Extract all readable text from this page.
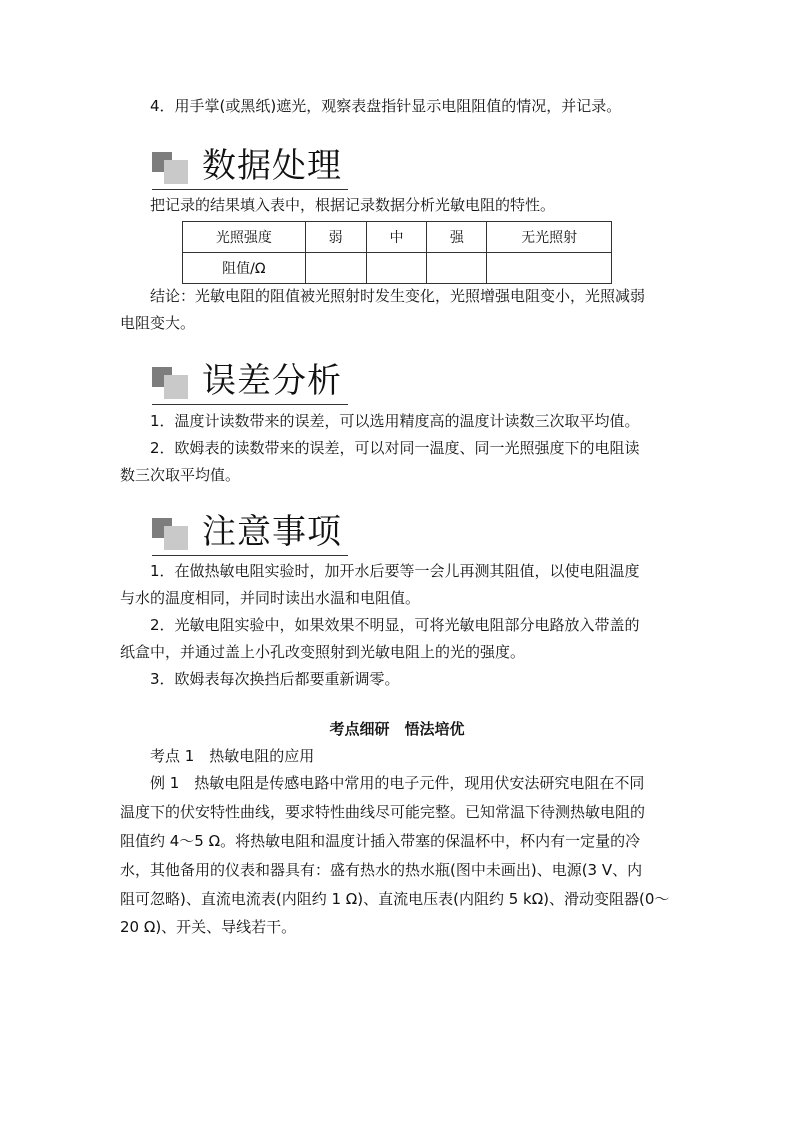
4．用手掌(或黑纸)遮光，观察表盘指针显示电阻阻值的情况，并记录。
数据处理
把记录的结果填入表中，根据记录数据分析光敏电阻的特性。
光照强度	弱	中	强	无光照射
阻值/Ω				
结论：光敏电阻的阻值被光照射时发生变化，光照增强电阻变小，光照减弱
电阻变大。
误差分析
1．温度计读数带来的误差，可以选用精度高的温度计读数三次取平均值。
2．欧姆表的读数带来的误差，可以对同一温度、同一光照强度下的电阻读
数三次取平均值。
注意事项
1．在做热敏电阻实验时，加开水后要等一会儿再测其阻值，以使电阻温度
与水的温度相同，并同时读出水温和电阻值。
2．光敏电阻实验中，如果效果不明显，可将光敏电阻部分电路放入带盖的
纸盒中，并通过盖上小孔改变照射到光敏电阻上的光的强度。
3．欧姆表每次换挡后都要重新调零。
考点细研　悟法培优
考点 1　热敏电阻的应用
例 1　热敏电阻是传感电路中常用的电子元件，现用伏安法研究电阻在不同
温度下的伏安特性曲线，要求特性曲线尽可能完整。已知常温下待测热敏电阻的
阻值约 4～5 Ω。将热敏电阻和温度计插入带塞的保温杯中，杯内有一定量的冷
水，其他备用的仪表和器具有：盛有热水的热水瓶(图中未画出)、电源(3 V、内
阻可忽略)、直流电流表(内阻约 1 Ω)、直流电压表(内阻约 5 kΩ)、滑动变阻器(0～
20 Ω)、开关、导线若干。
